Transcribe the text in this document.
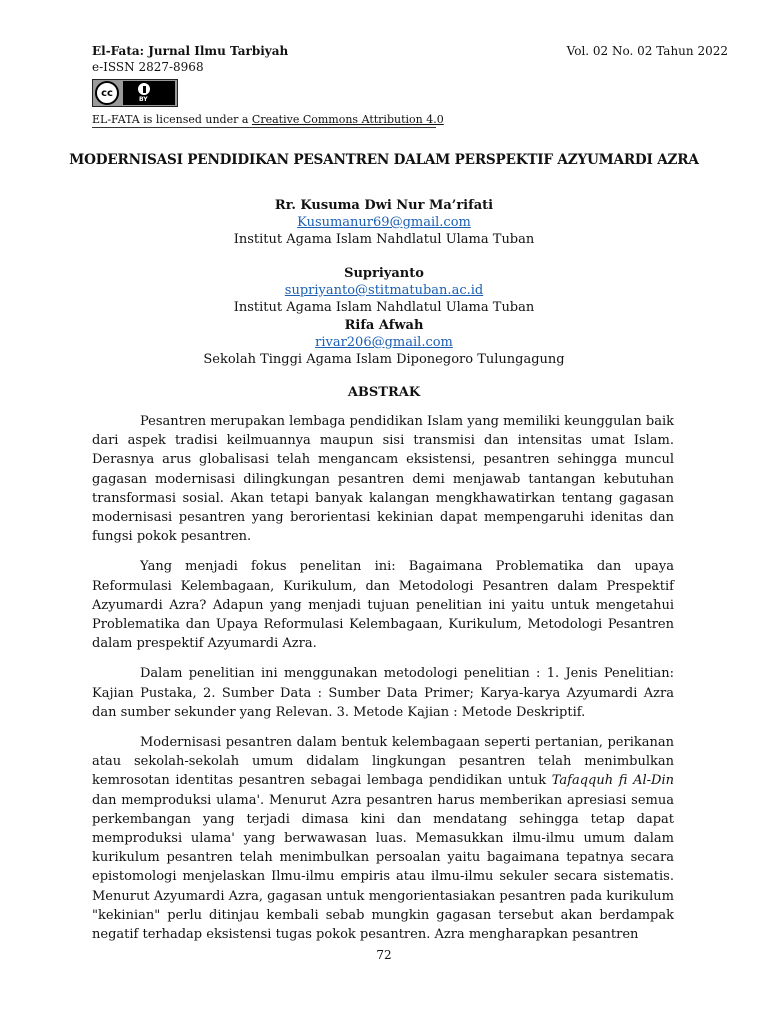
El-Fata: Jurnal Ilmu Tarbiyah
e-ISSN 2827-8968
Vol. 02 No. 02 Tahun 2022
cc
BY
EL-FATA is licensed under a Creative Commons Attribution 4.0
MODERNISASI PENDIDIKAN PESANTREN DALAM PERSPEKTIF AZYUMARDI AZRA
Rr. Kusuma Dwi Nur Ma’rifati
Kusumanur69@gmail.com
Institut Agama Islam Nahdlatul Ulama Tuban
Supriyanto
supriyanto@stitmatuban.ac.id
Institut Agama Islam Nahdlatul Ulama Tuban
Rifa Afwah
rivar206@gmail.com
Sekolah Tinggi Agama Islam Diponegoro Tulungagung
ABSTRAK

Pesantren merupakan lembaga pendidikan Islam yang memiliki keunggulan baik dari aspek tradisi keilmuannya maupun sisi transmisi dan intensitas umat Islam. Derasnya arus globalisasi telah mengancam eksistensi, pesantren sehingga muncul gagasan modernisasi dilingkungan pesantren demi menjawab tantangan kebutuhan transformasi sosial. Akan tetapi banyak kalangan mengkhawatirkan tentang gagasan modernisasi pesantren yang berorientasi kekinian dapat mempengaruhi idenitas dan fungsi pokok pesantren.

Yang menjadi fokus penelitan ini: Bagaimana Problematika dan upaya Reformulasi Kelembagaan, Kurikulum, dan Metodologi Pesantren dalam Prespektif Azyumardi Azra? Adapun yang menjadi tujuan penelitian ini yaitu untuk mengetahui Problematika dan Upaya Reformulasi Kelembagaan, Kurikulum, Metodologi Pesantren dalam prespektif Azyumardi Azra.

Dalam penelitian ini menggunakan metodologi penelitian : 1. Jenis Penelitian: Kajian Pustaka, 2. Sumber Data : Sumber Data Primer; Karya-karya Azyumardi Azra dan sumber sekunder yang Relevan. 3. Metode Kajian : Metode Deskriptif.

Modernisasi pesantren dalam bentuk kelembagaan seperti pertanian, perikanan atau sekolah-sekolah umum didalam lingkungan pesantren telah menimbulkan kemrosotan identitas pesantren sebagai lembaga pendidikan untuk Tafaqquh fi Al-Din dan memproduksi ulama'. Menurut Azra pesantren harus memberikan apresiasi semua perkembangan yang terjadi dimasa kini dan mendatang sehingga tetap dapat memproduksi ulama' yang berwawasan luas. Memasukkan ilmu-ilmu umum dalam kurikulum pesantren telah menimbulkan persoalan yaitu bagaimana tepatnya secara epistomologi menjelaskan Ilmu-ilmu empiris atau ilmu-ilmu sekuler secara sistematis. Menurut Azyumardi Azra, gagasan untuk mengorientasiakan pesantren pada kurikulum "kekinian" perlu ditinjau kembali sebab mungkin gagasan tersebut akan berdampak negatif terhadap eksistensi tugas pokok pesantren. Azra mengharapkan pesantren

72
